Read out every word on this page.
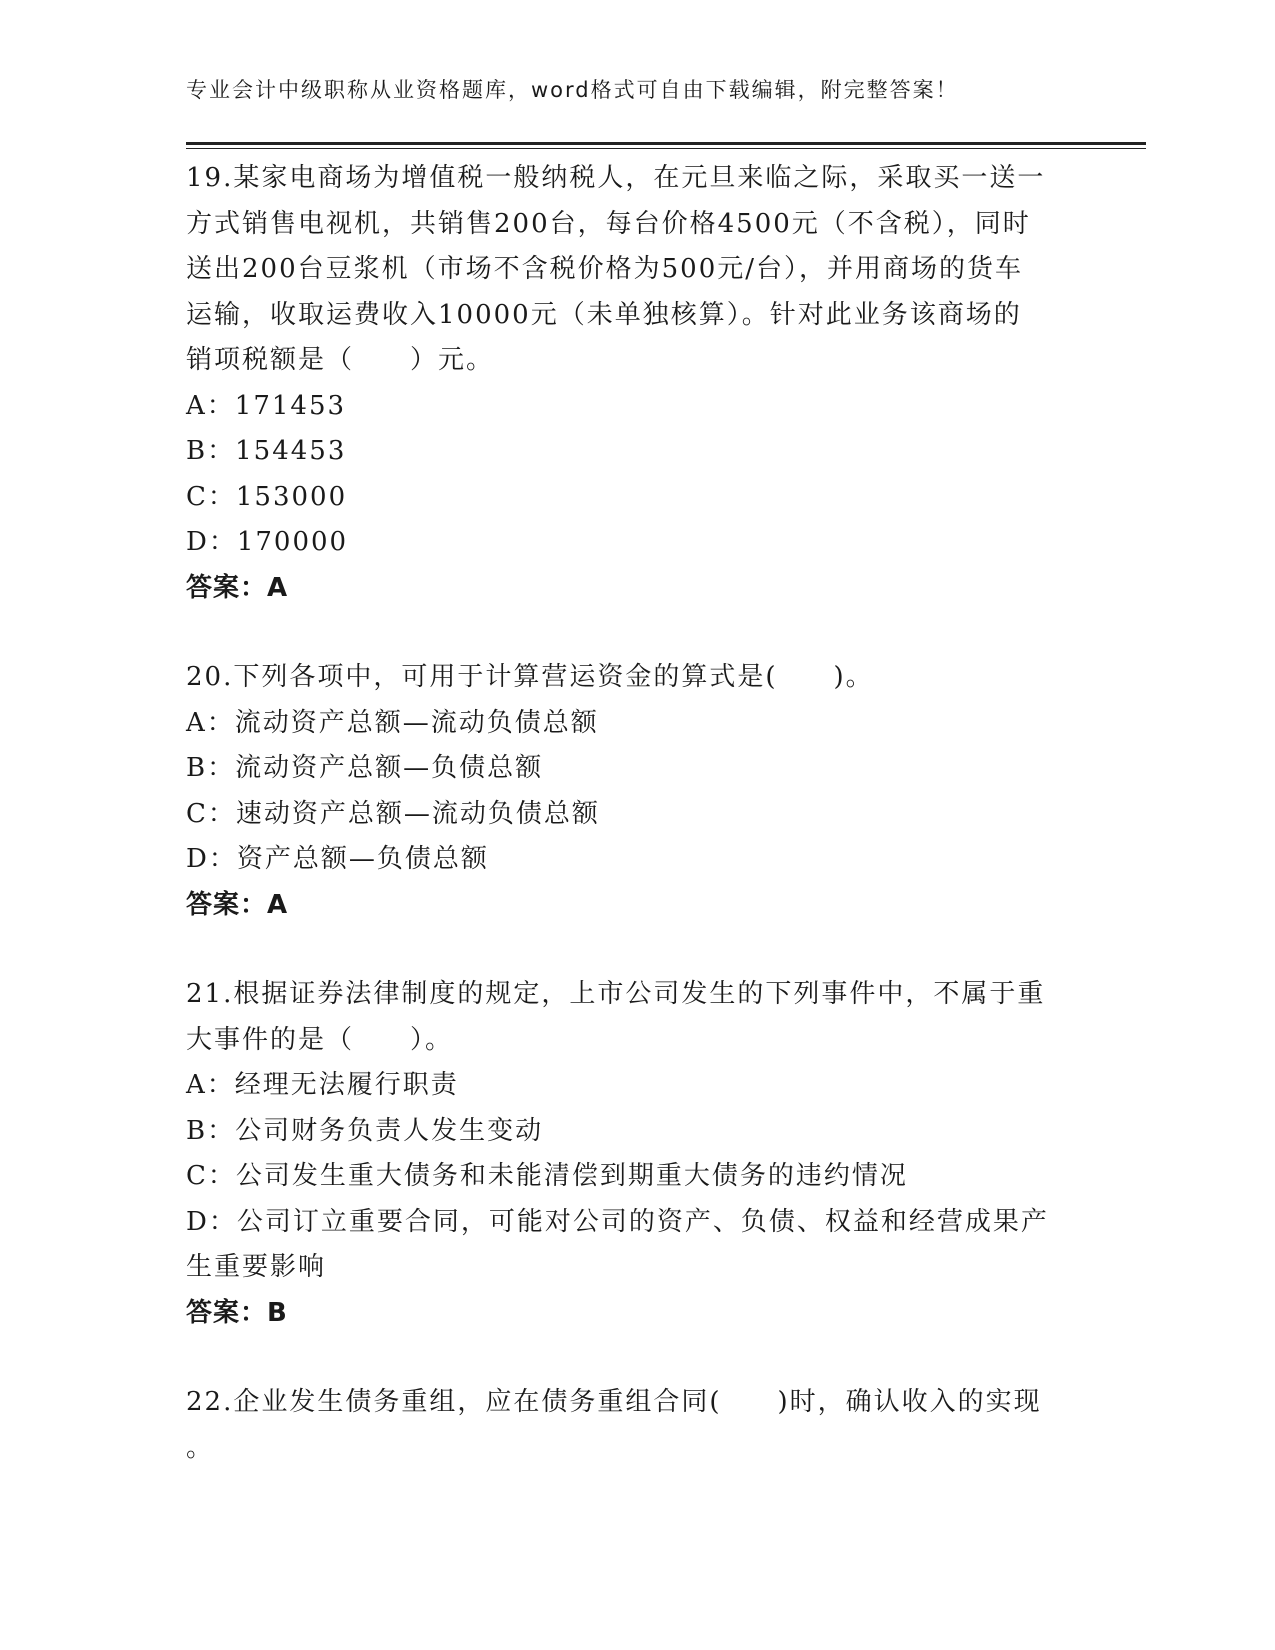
专业会计中级职称从业资格题库，word格式可自由下载编辑，附完整答案！
19.某家电商场为增值税一般纳税人，在元旦来临之际，采取买一送一
方式销售电视机，共销售200台，每台价格4500元（不含税），同时
送出200台豆浆机（市场不含税价格为500元/台），并用商场的货车
运输，收取运费收入10000元（未单独核算）。针对此业务该商场的
销项税额是（　　）元。
A：171453
B：154453
C：153000
D：170000
答案：A
20.下列各项中，可用于计算营运资金的算式是(　　)。
A：流动资产总额—流动负债总额
B：流动资产总额—负债总额
C：速动资产总额—流动负债总额
D：资产总额—负债总额
答案：A
21.根据证券法律制度的规定，上市公司发生的下列事件中，不属于重
大事件的是（　　）。
A：经理无法履行职责
B：公司财务负责人发生变动
C：公司发生重大债务和未能清偿到期重大债务的违约情况
D：公司订立重要合同，可能对公司的资产、负债、权益和经营成果产
生重要影响
答案：B
22.企业发生债务重组，应在债务重组合同(　　)时，确认收入的实现
。
